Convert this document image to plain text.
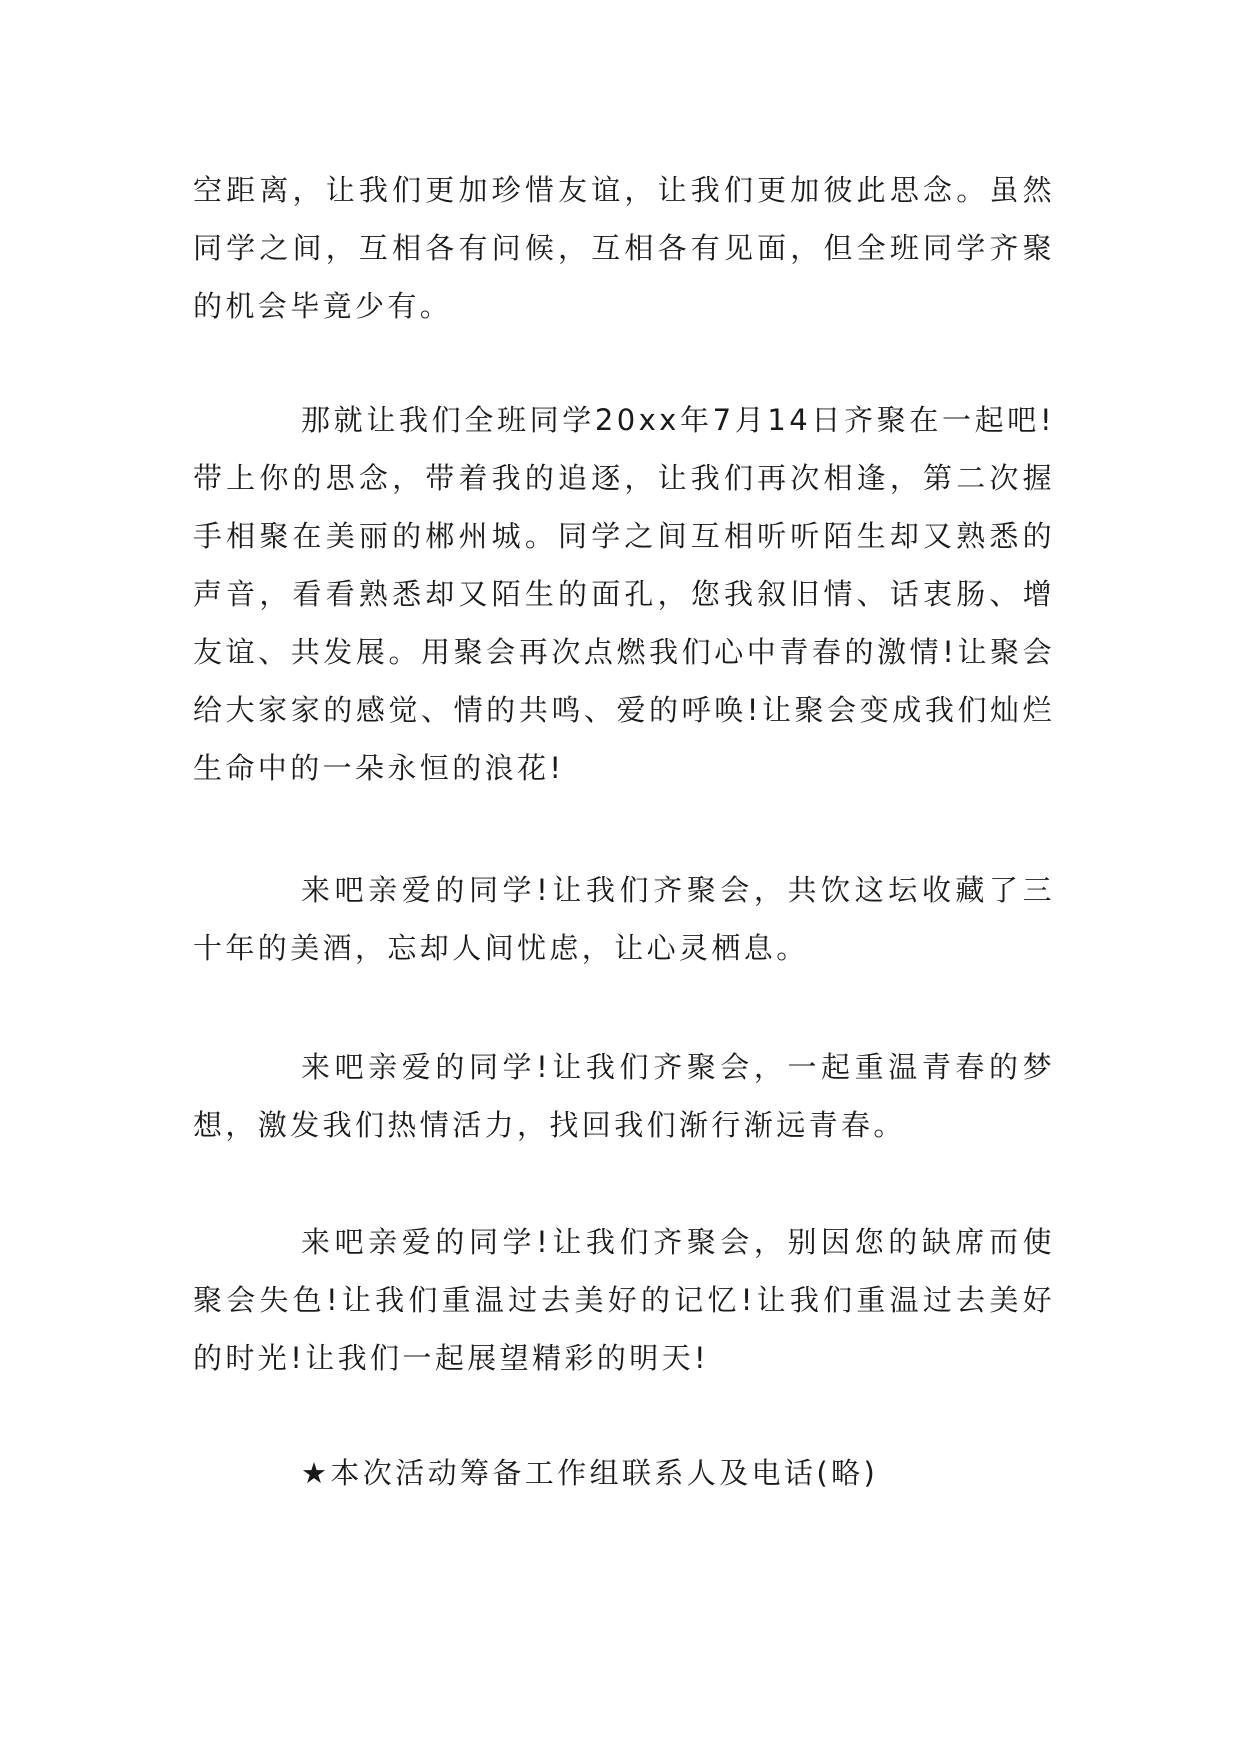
空距离，让我们更加珍惜友谊，让我们更加彼此思念。虽然同学之间，互相各有问候，互相各有见面，但全班同学齐聚的机会毕竟少有。

那就让我们全班同学20xx年7月14日齐聚在一起吧!带上你的思念，带着我的追逐，让我们再次相逢，第二次握手相聚在美丽的郴州城。同学之间互相听听陌生却又熟悉的声音，看看熟悉却又陌生的面孔，您我叙旧情、话衷肠、增友谊、共发展。用聚会再次点燃我们心中青春的激情!让聚会给大家家的感觉、情的共鸣、爱的呼唤!让聚会变成我们灿烂生命中的一朵永恒的浪花!

来吧亲爱的同学!让我们齐聚会，共饮这坛收藏了三十年的美酒，忘却人间忧虑，让心灵栖息。

来吧亲爱的同学!让我们齐聚会，一起重温青春的梦想，激发我们热情活力，找回我们渐行渐远青春。

来吧亲爱的同学!让我们齐聚会，别因您的缺席而使聚会失色!让我们重温过去美好的记忆!让我们重温过去美好的时光!让我们一起展望精彩的明天!

★本次活动筹备工作组联系人及电话(略)
